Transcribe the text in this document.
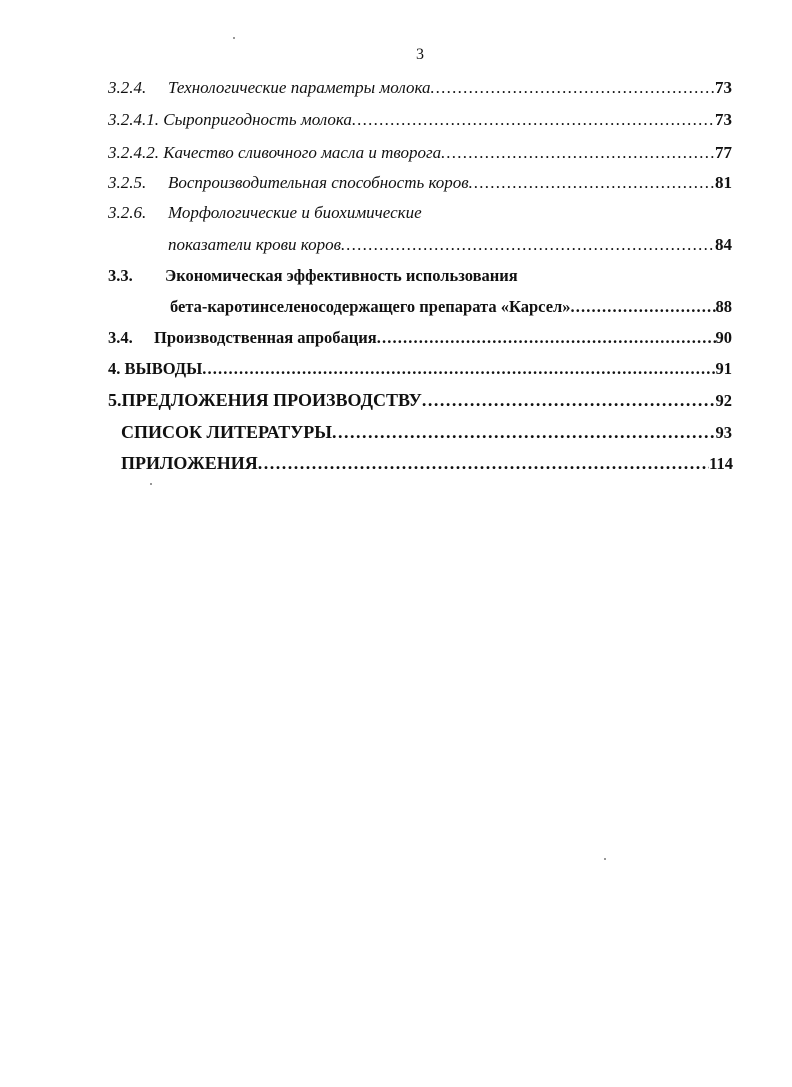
3
3.2.4.	Технологические параметры молока . . .	73
3.2.4.1. Сыропригодность молока . . .	73
3.2.4.2. Качество сливочного масла и творога . . .	77
3.2.5.	Воспроизводительная способность коров . . .	81
3.2.6. Морфологические и биохимические
показатели крови коров . . .	84
3.3. Экономическая эффективность использования
бета-каротинселеносодержащего препарата «Карсел» . . .	88
3.4.	Производственная апробация . . .	90
4. ВЫВОДЫ . . .	91
5.ПРЕДЛОЖЕНИЯ ПРОИЗВОДСТВУ . . .	92
СПИСОК ЛИТЕРАТУРЫ . . .	93
ПРИЛОЖЕНИЯ . . .	114
